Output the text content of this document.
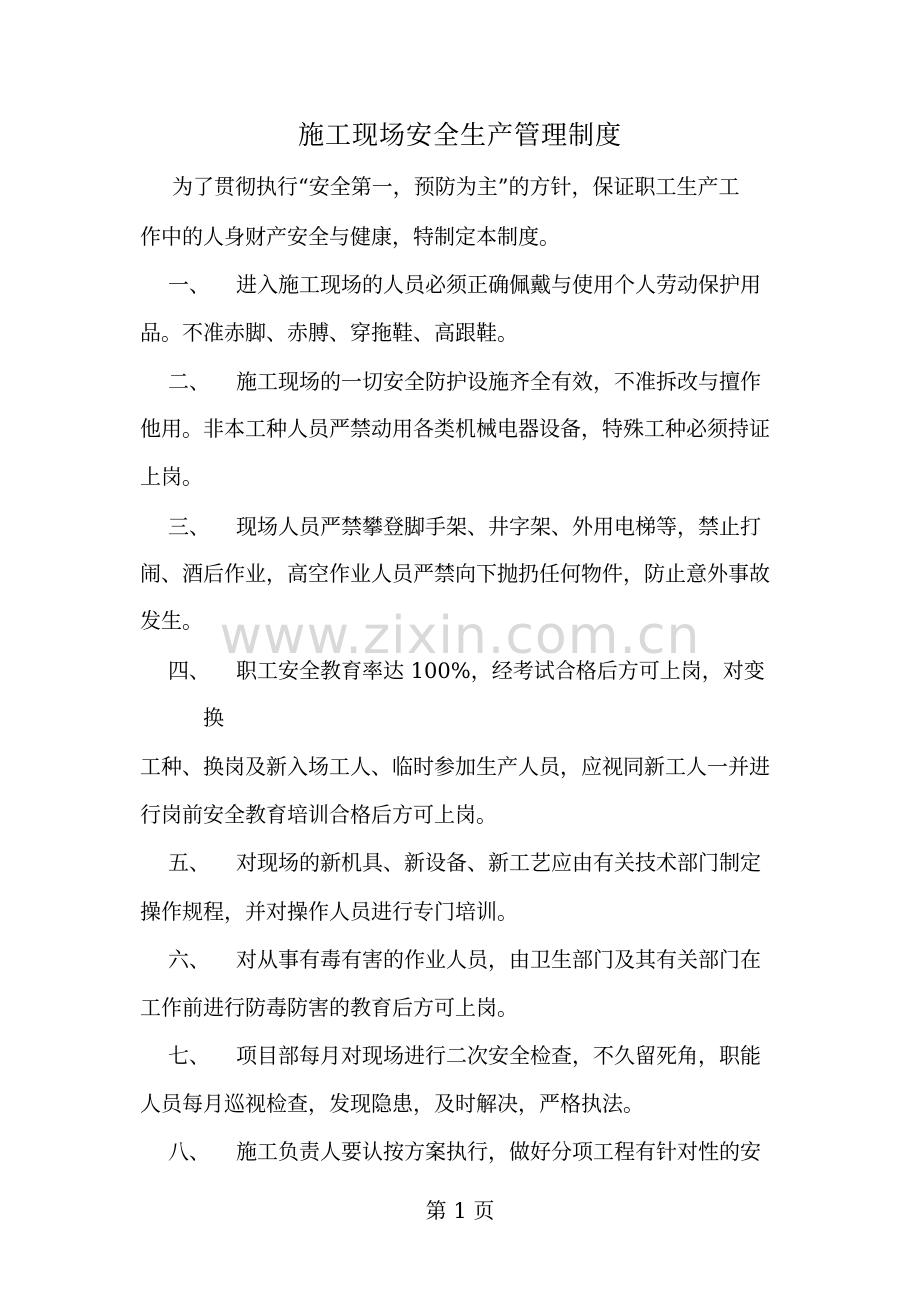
施工现场安全生产管理制度
为了贯彻执行“安全第一，预防为主”的方针，保证职工生产工
作中的人身财产安全与健康，特制定本制度。
一、 进入施工现场的人员必须正确佩戴与使用个人劳动保护用
品。不准赤脚、赤膊、穿拖鞋、高跟鞋。
二、 施工现场的一切安全防护设施齐全有效，不准拆改与擅作
他用。非本工种人员严禁动用各类机械电器设备，特殊工种必须持证
上岗。
三、 现场人员严禁攀登脚手架、井字架、外用电梯等，禁止打
闹、酒后作业，高空作业人员严禁向下抛扔任何物件，防止意外事故
发生。
四、 职工安全教育率达 100%，经考试合格后方可上岗，对变
换
工种、换岗及新入场工人、临时参加生产人员，应视同新工人一并进
行岗前安全教育培训合格后方可上岗。
五、 对现场的新机具、新设备、新工艺应由有关技术部门制定
操作规程，并对操作人员进行专门培训。
六、 对从事有毒有害的作业人员，由卫生部门及其有关部门在
工作前进行防毒防害的教育后方可上岗。
七、 项目部每月对现场进行二次安全检查，不久留死角，职能
人员每月巡视检查，发现隐患，及时解决，严格执法。
八、 施工负责人要认按方案执行，做好分项工程有针对性的安
www.zixin.com.cn
第 1 页
